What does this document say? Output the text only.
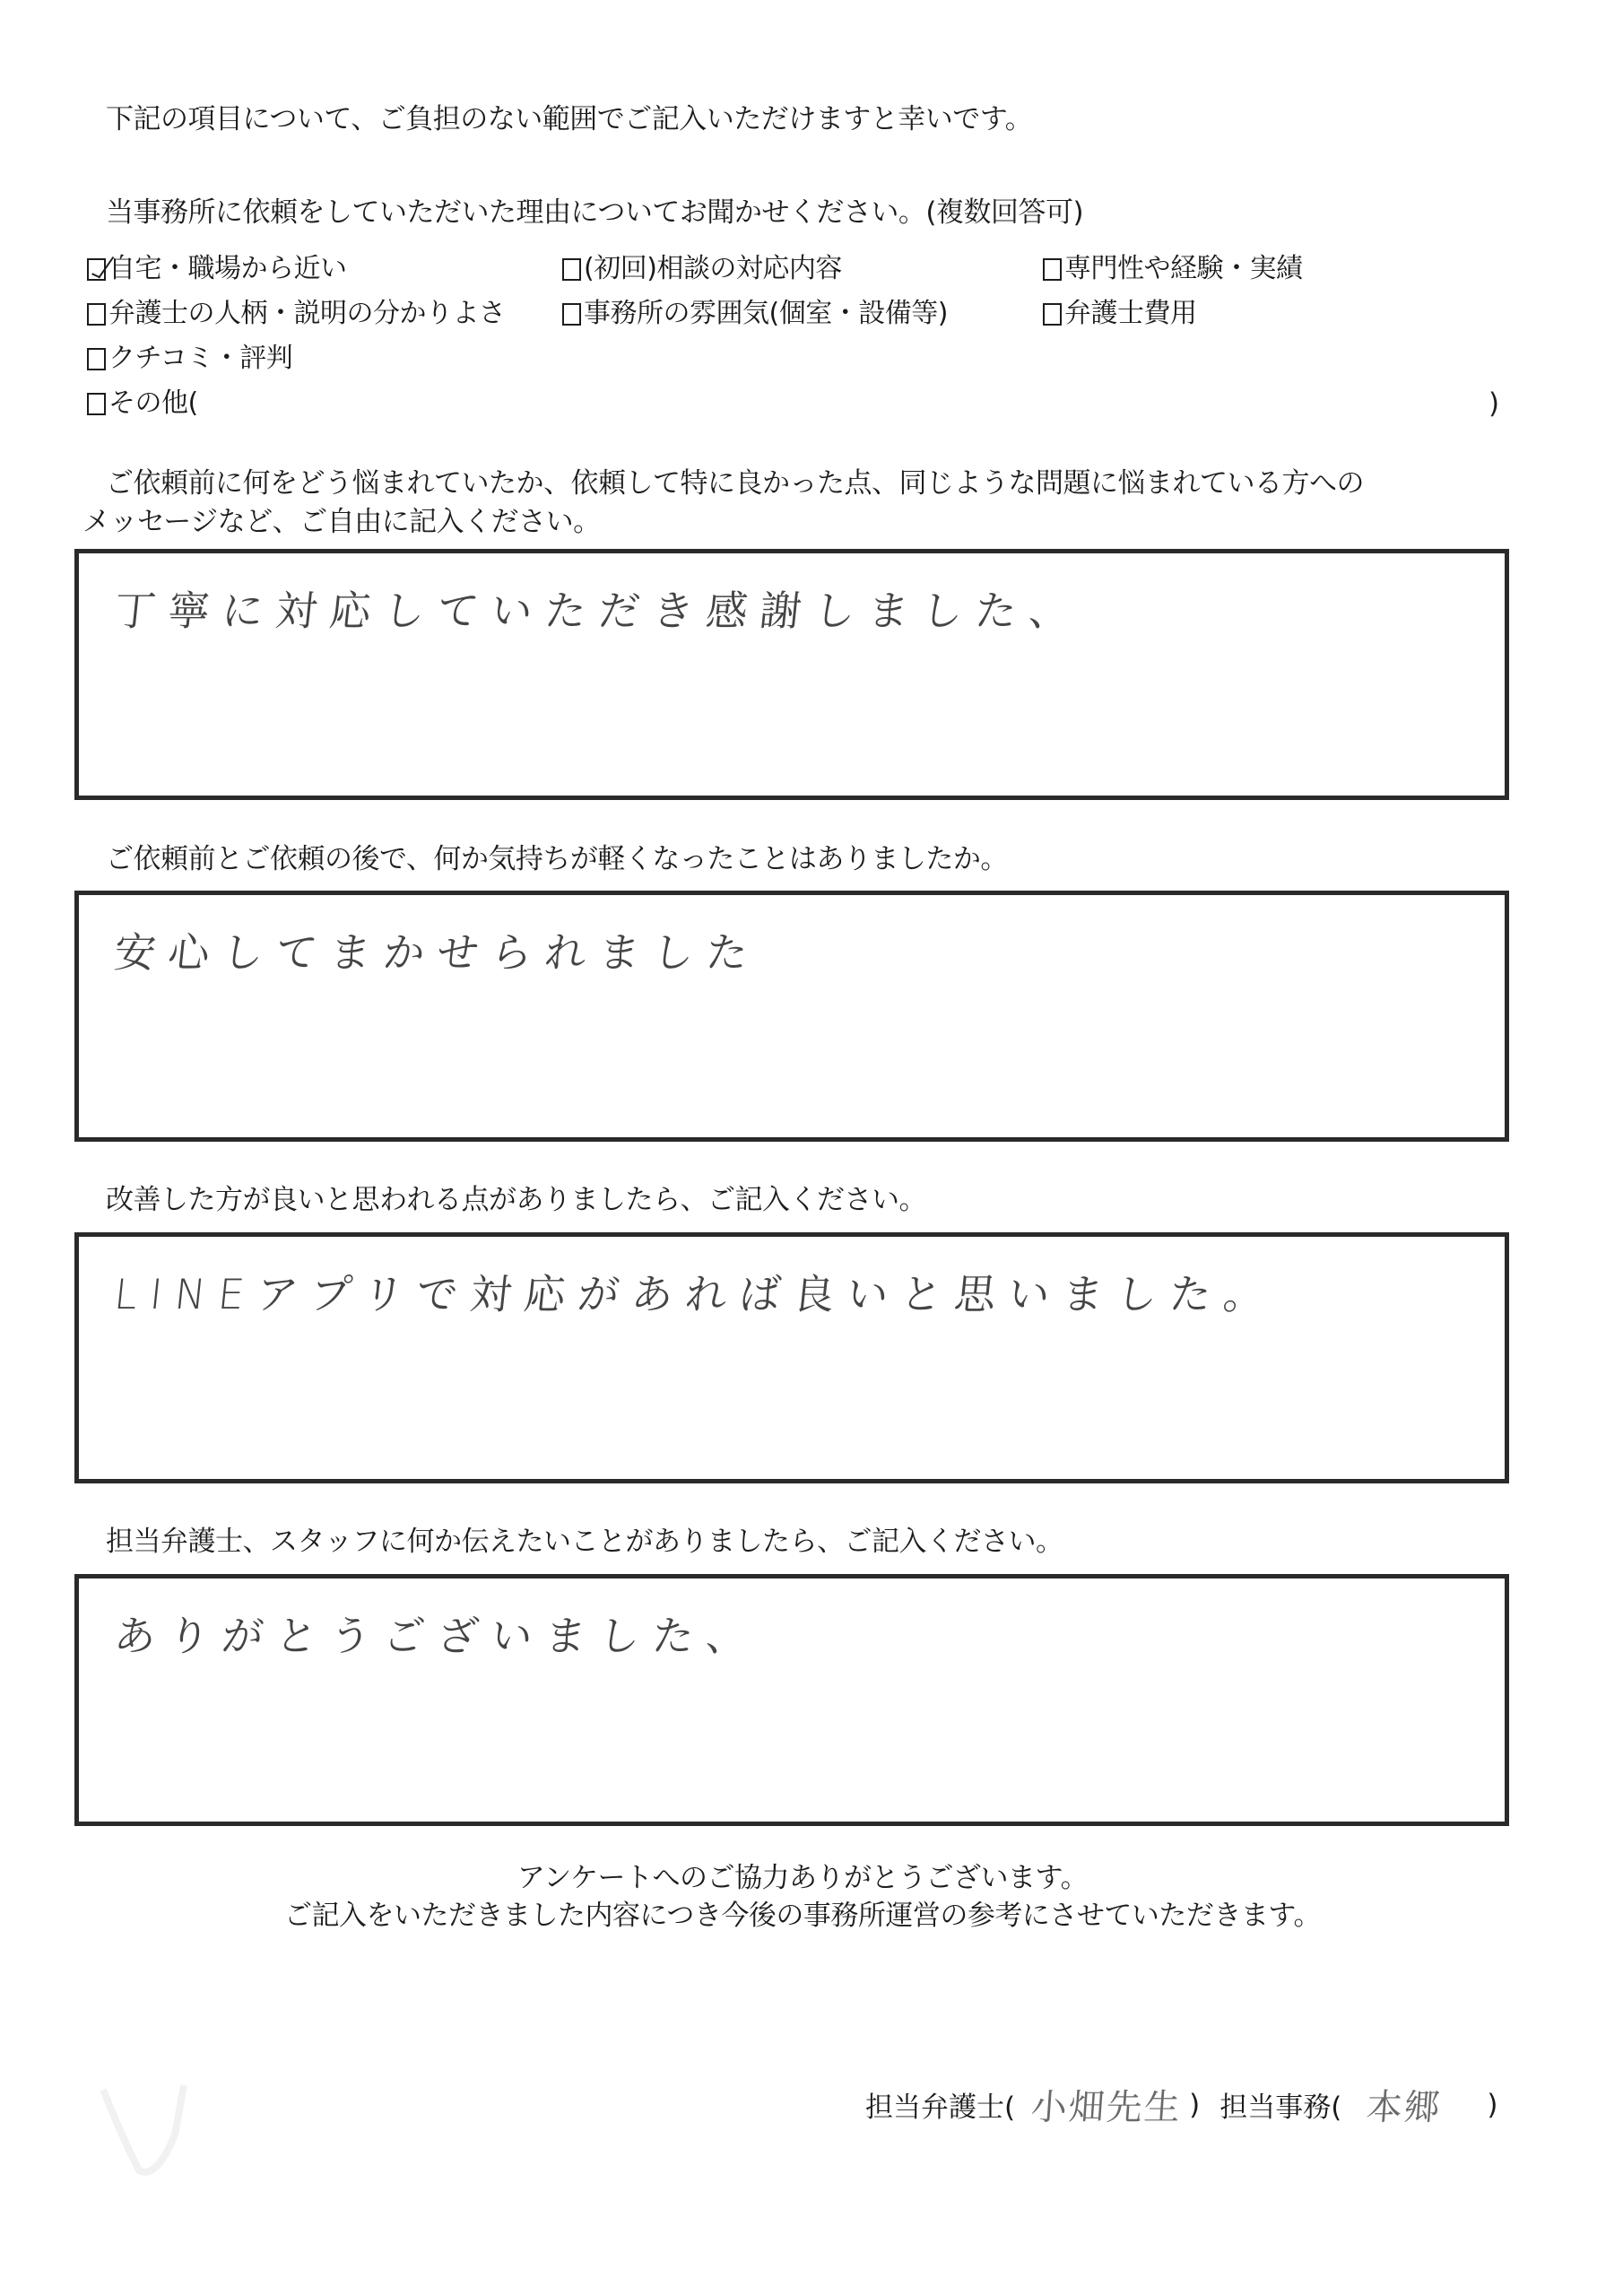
下記の項目について、ご負担のない範囲でご記入いただけますと幸いです。
当事務所に依頼をしていただいた理由についてお聞かせください。(複数回答可)
自宅・職場から近い	(初回)相談の対応内容	専門性や経験・実績
弁護士の人柄・説明の分かりよさ	事務所の雰囲気(個室・設備等)	弁護士費用
クチコミ・評判
その他(	)
ご依頼前に何をどう悩まれていたか、依頼して特に良かった点、同じような問題に悩まれている方への
メッセージなど、ご自由に記入ください。
丁寧に対応していただき感謝しました、
ご依頼前とご依頼の後で、何か気持ちが軽くなったことはありましたか。
安心してまかせられました
改善した方が良いと思われる点がありましたら、ご記入ください。
LINEアプリで対応があれば良いと思いました。
担当弁護士、スタッフに何か伝えたいことがありましたら、ご記入ください。
ありがとうございました、
アンケートへのご協力ありがとうございます。
ご記入をいただきました内容につき今後の事務所運営の参考にさせていただきます。
担当弁護士( 小畑先生 ) 担当事務( 本郷 )
